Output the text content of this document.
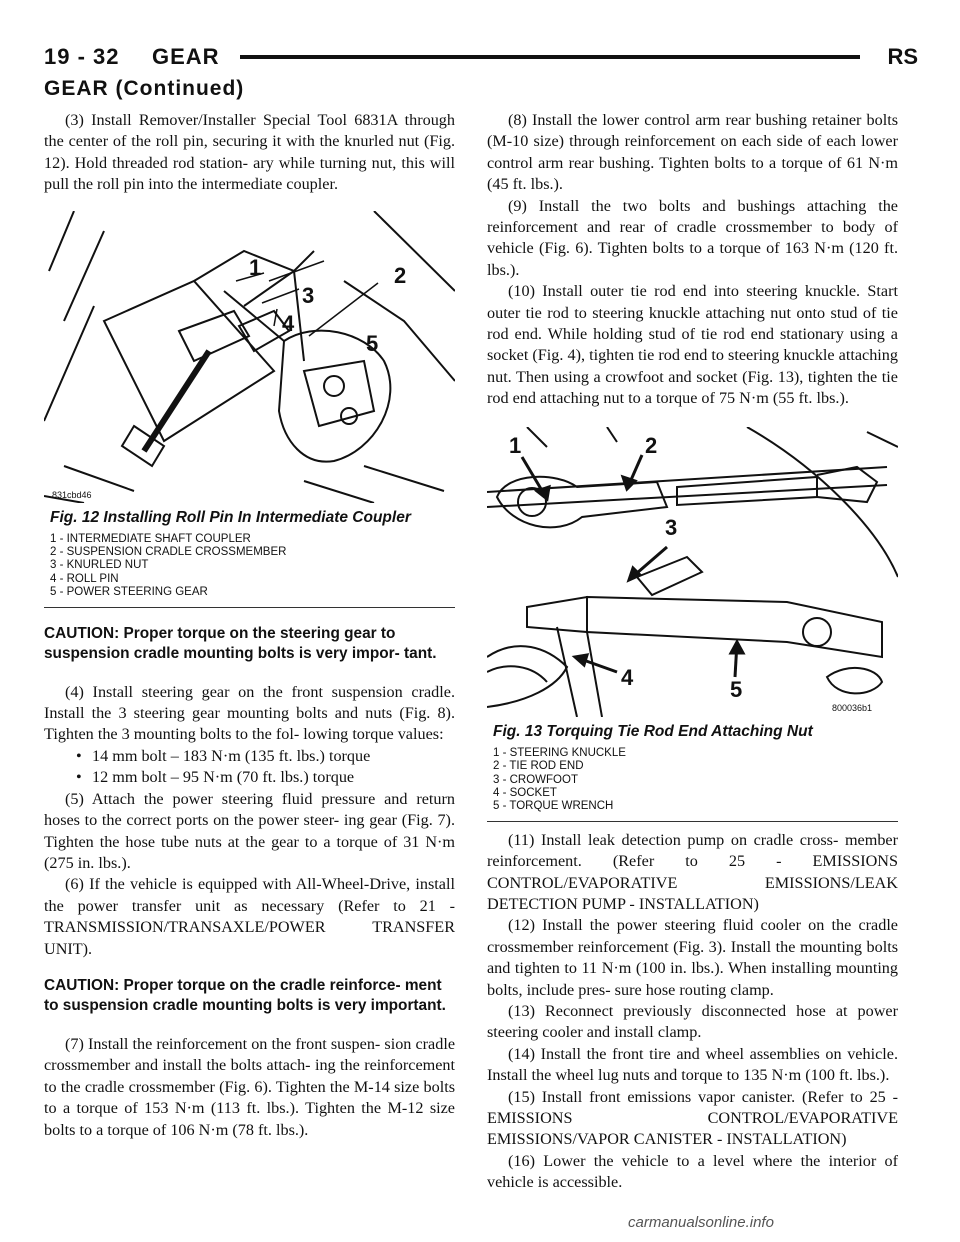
19 - 32 GEAR	RS
GEAR (Continued)

(3) Install Remover/Installer Special Tool 6831A through the center of the roll pin, securing it with the knurled nut (Fig. 12). Hold threaded rod station- ary while turning nut, this will pull the roll pin into the intermediate coupler.

1	2
3
4
5
831cbd46
Fig. 12 Installing Roll Pin In Intermediate Coupler
1 - INTERMEDIATE SHAFT COUPLER
2 - SUSPENSION CRADLE CROSSMEMBER
3 - KNURLED NUT
4 - ROLL PIN
5 - POWER STEERING GEAR

CAUTION: Proper torque on the steering gear to suspension cradle mounting bolts is very impor- tant.

(4) Install steering gear on the front suspension cradle. Install the 3 steering gear mounting bolts and nuts (Fig. 8). Tighten the 3 mounting bolts to the fol- lowing torque values:

• 14 mm bolt – 183 N·m (135 ft. lbs.) torque

• 12 mm bolt – 95 N·m (70 ft. lbs.) torque

(5) Attach the power steering fluid pressure and return hoses to the correct ports on the power steer- ing gear (Fig. 7). Tighten the hose tube nuts at the gear to a torque of 31 N·m (275 in. lbs.).

(6) If the vehicle is equipped with All-Wheel-Drive, install the power transfer unit as necessary (Refer to 21 - TRANSMISSION/TRANSAXLE/POWER TRANSFER UNIT).

CAUTION: Proper torque on the cradle reinforce- ment to suspension cradle mounting bolts is very important.

(7) Install the reinforcement on the front suspen- sion cradle crossmember and install the bolts attach- ing the reinforcement to the cradle crossmember (Fig. 6). Tighten the M-14 size bolts to a torque of 153 N·m (113 ft. lbs.). Tighten the M-12 size bolts to a torque of 106 N·m (78 ft. lbs.).

(8) Install the lower control arm rear bushing retainer bolts (M-10 size) through reinforcement on each side of each lower control arm rear bushing. Tighten bolts to a torque of 61 N·m (45 ft. lbs.).

(9) Install the two bolts and bushings attaching the reinforcement and rear of cradle crossmember to body of vehicle (Fig. 6). Tighten bolts to a torque of 163 N·m (120 ft. lbs.).

(10) Install outer tie rod end into steering knuckle. Start outer tie rod to steering knuckle attaching nut onto stud of tie rod end. While holding stud of tie rod end stationary using a socket (Fig. 4), tighten tie rod end to steering knuckle attaching nut. Then using a crowfoot and socket (Fig. 13), tighten the tie rod end attaching nut to a torque of 75 N·m (55 ft. lbs.).

1	2
3
4	5
800036b1
Fig. 13 Torquing Tie Rod End Attaching Nut
1 - STEERING KNUCKLE
2 - TIE ROD END
3 - CROWFOOT
4 - SOCKET
5 - TORQUE WRENCH

(11) Install leak detection pump on cradle cross- member reinforcement. (Refer to 25 - EMISSIONS CONTROL/EVAPORATIVE EMISSIONS/LEAK DETECTION PUMP - INSTALLATION)

(12) Install the power steering fluid cooler on the cradle crossmember reinforcement (Fig. 3). Install the mounting bolts and tighten to 11 N·m (100 in. lbs.). When installing mounting bolts, include pres- sure hose routing clamp.

(13) Reconnect previously disconnected hose at power steering cooler and install clamp.

(14) Install the front tire and wheel assemblies on vehicle. Install the wheel lug nuts and torque to 135 N·m (100 ft. lbs.).

(15) Install front emissions vapor canister. (Refer to 25 - EMISSIONS CONTROL/EVAPORATIVE EMISSIONS/VAPOR CANISTER - INSTALLATION)

(16) Lower the vehicle to a level where the interior of vehicle is accessible.

carmanualsonline.info
